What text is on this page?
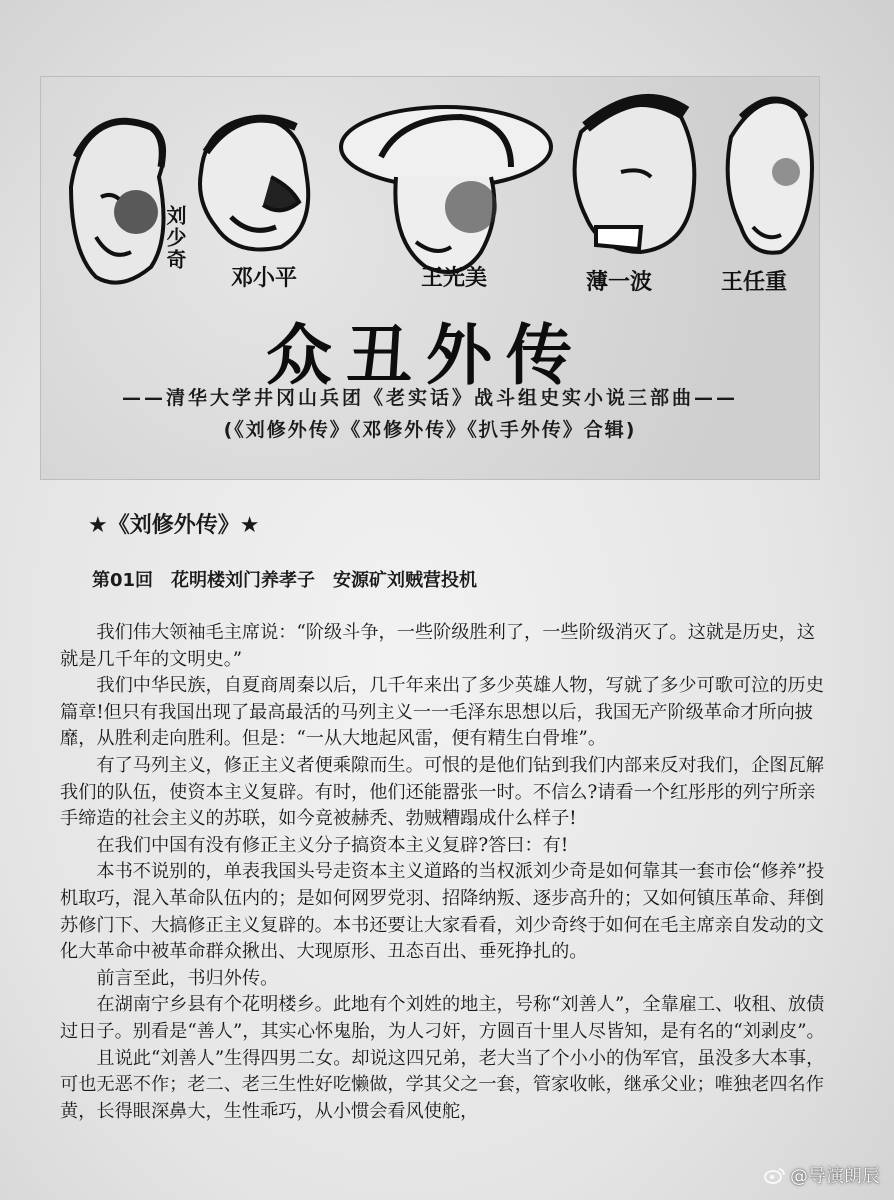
刘少奇
邓小平	王光美	薄一波	王任重
众丑外传
——清华大学井冈山兵团《老实话》战斗组史实小说三部曲——
(《刘修外传》《邓修外传》《扒手外传》合辑)
★《刘修外传》★
第01回　花明楼刘门养孝子　安源矿刘贼营投机

我们伟大领袖毛主席说：“阶级斗争，一些阶级胜利了，一些阶级消灭了。这就是历史，这就是几千年的文明史。”

我们中华民族，自夏商周秦以后，几千年来出了多少英雄人物，写就了多少可歌可泣的历史篇章!但只有我国出现了最高最活的马列主义一一毛泽东思想以后，我国无产阶级革命才所向披靡，从胜利走向胜利。但是：“一从大地起风雷，便有精生白骨堆”。

有了马列主义，修正主义者便乘隙而生。可恨的是他们钻到我们内部来反对我们，企图瓦解我们的队伍，使资本主义复辟。有时，他们还能嚣张一时。不信么?请看一个红彤彤的列宁所亲手缔造的社会主义的苏联，如今竟被赫秃、勃贼糟蹋成什么样子!

在我们中国有没有修正主义分子搞资本主义复辟?答曰：有!

本书不说别的，单表我国头号走资本主义道路的当权派刘少奇是如何靠其一套市侩“修养”投机取巧，混入革命队伍内的；是如何网罗党羽、招降纳叛、逐步高升的；又如何镇压革命、拜倒苏修门下、大搞修正主义复辟的。本书还要让大家看看，刘少奇终于如何在毛主席亲自发动的文化大革命中被革命群众揪出、大现原形、丑态百出、垂死挣扎的。

前言至此，书归外传。

在湖南宁乡县有个花明楼乡。此地有个刘姓的地主，号称“刘善人”，全靠雇工、收租、放债过日子。别看是“善人”，其实心怀鬼胎，为人刁奸，方圆百十里人尽皆知，是有名的“刘剥皮”。

且说此“刘善人”生得四男二女。却说这四兄弟，老大当了个小小的伪军官，虽没多大本事，可也无恶不作；老二、老三生性好吃懒做，学其父之一套，管家收帐，继承父业；唯独老四名作黄，长得眼深鼻大，生性乖巧，从小惯会看风使舵，

@导演朗辰
